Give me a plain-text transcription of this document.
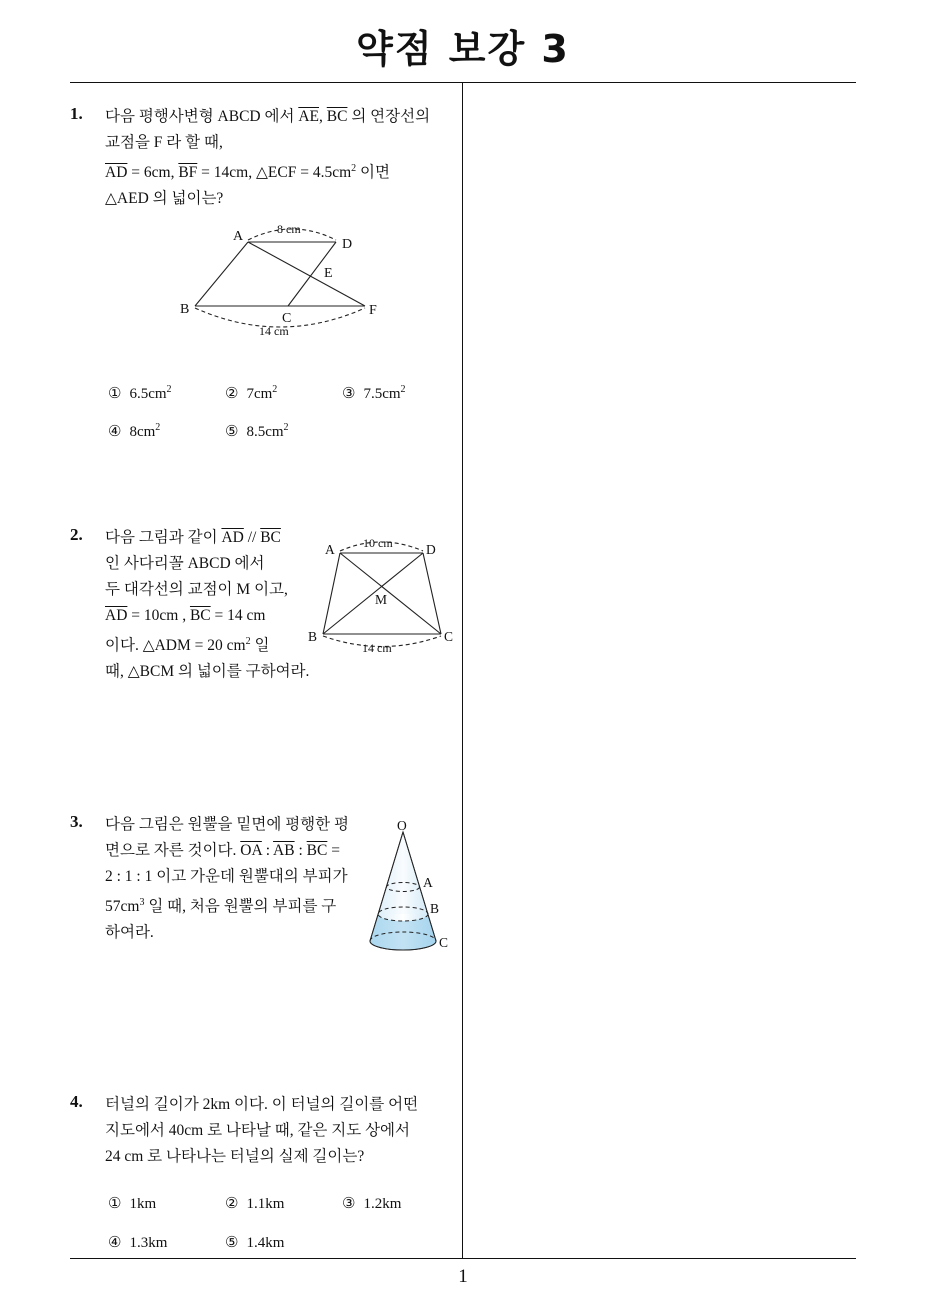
약점 보강 3
1. 다음 평행사변형 ABCD 에서 $\overline{AE}$, $\overline{BC}$ 의 연장선의
교점을 F 라 할 때,
$\overline{AD} = 6cm$, $\overline{BF} = 14cm$, △ECF = $4.5cm^2$ 이면
△AED 의 넓이는?
A
D
E
B
C
F
8 cm
14 cm
① $6.5cm^2$	② $7cm^2$	③ $7.5cm^2$
④ $8cm^2$	⑤ $8.5cm^2$
2. 다음 그림과 같이 $\overline{AD} // \overline{BC}$
인 사다리꼴 ABCD 에서
두 대각선의 교점이 M 이고,
$\overline{AD} = 10cm$ , $\overline{BC} = 14$ cm
이다. △ADM = 20 $cm^2$ 일
때, △BCM 의 넓이를 구하여라.
A	D
M
B	C
10 cm
14 cm
3. 다음 그림은 원뿔을 밑면에 평행한 평
면으로 자른 것이다. $\overline{OA}$ : $\overline{AB}$ : $\overline{BC}$ =
2 : 1 : 1 이고 가운데 원뿔대의 부피가
$57cm^3$ 일 때, 처음 원뿔의 부피를 구
하여라.
O
A
B
C
4. 터널의 길이가 2km 이다. 이 터널의 길이를 어떤
지도에서 40cm 로 나타날 때, 같은 지도 상에서
24 cm 로 나타나는 터널의 실제 길이는?
① 1km	② 1.1km	③ 1.2km
④ 1.3km	⑤ 1.4km
1
